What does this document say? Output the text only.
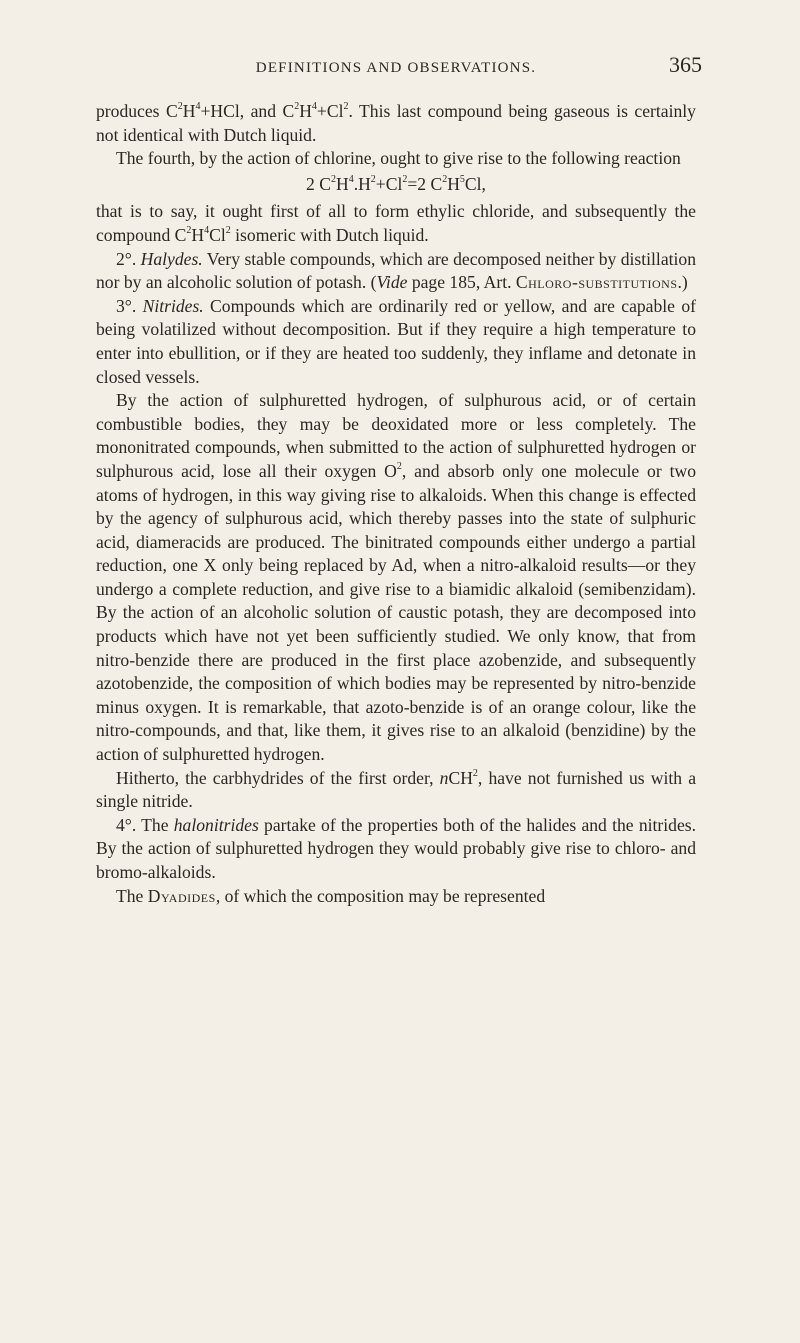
DEFINITIONS AND OBSERVATIONS.	365

produces $C^2H^4+HCl$, and $C^2H^4+Cl^2$. This last compound being gaseous is certainly not identical with Dutch liquid.

The fourth, by the action of chlorine, ought to give rise to the following reaction

2 $C^2H^4.H^2+Cl^2=2$ $C^2H^5Cl$,

that is to say, it ought first of all to form ethylic chloride, and subsequently the compound $C^2H^4Cl^2$ isomeric with Dutch liquid.

2°. Halydes. Very stable compounds, which are decomposed neither by distillation nor by an alcoholic solution of potash. (Vide page 185, Art. Chloro-substitutions.)

3°. Nitrides. Compounds which are ordinarily red or yellow, and are capable of being volatilized without decomposition. But if they require a high temperature to enter into ebullition, or if they are heated too suddenly, they inflame and detonate in closed vessels.

By the action of sulphuretted hydrogen, of sulphurous acid, or of certain combustible bodies, they may be deoxidated more or less completely. The mononitrated compounds, when submitted to the action of sulphuretted hydrogen or sulphurous acid, lose all their oxygen $O^2$, and absorb only one molecule or two atoms of hydrogen, in this way giving rise to alkaloids. When this change is effected by the agency of sulphurous acid, which thereby passes into the state of sulphuric acid, diameracids are produced. The binitrated compounds either undergo a partial reduction, one X only being replaced by Ad, when a nitro-alkaloid results—or they undergo a complete reduction, and give rise to a biamidic alkaloid (semibenzidam). By the action of an alcoholic solution of caustic potash, they are decomposed into products which have not yet been sufficiently studied. We only know, that from nitro-benzide there are produced in the first place azobenzide, and subsequently azotobenzide, the composition of which bodies may be represented by nitro-benzide minus oxygen. It is remarkable, that azoto-benzide is of an orange colour, like the nitro-compounds, and that, like them, it gives rise to an alkaloid (benzidine) by the action of sulphuretted hydrogen.

Hitherto, the carbhydrides of the first order, nCH$^2$, have not furnished us with a single nitride.

4°. The halonitrides partake of the properties both of the halides and the nitrides. By the action of sulphuretted hydrogen they would probably give rise to chloro- and bromo-alkaloids.

The Dyadides, of which the composition may be represented
